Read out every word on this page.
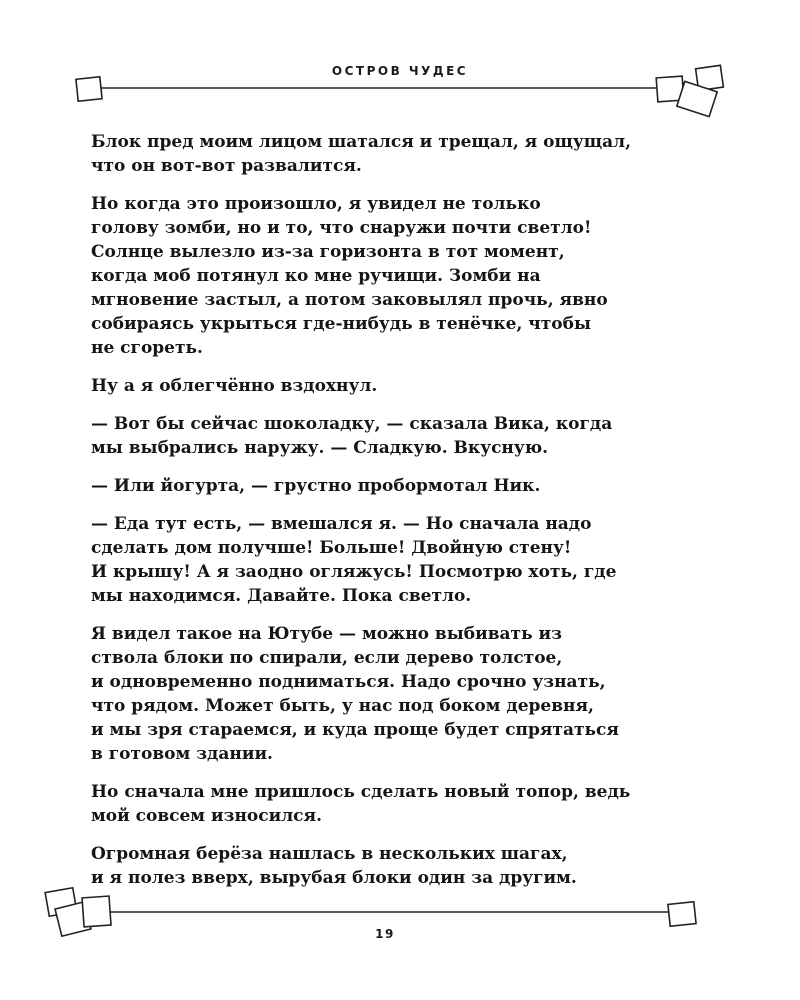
ОСТРОВ ЧУДЕС

Блок пред моим лицом шатался и трещал, я ощущал,
что он вот-вот развалится.

Но когда это произошло, я увидел не только
голову зомби, но и то, что снаружи почти светло!
Солнце вылезло из-за горизонта в тот момент,
когда моб потянул ко мне ручищи. Зомби на
мгновение застыл, а потом заковылял прочь, явно
собираясь укрыться где-нибудь в тенёчке, чтобы
не сгореть.

Ну а я облегчённо вздохнул.

— Вот бы сейчас шоколадку, — сказала Вика, когда
мы выбрались наружу. — Сладкую. Вкусную.

— Или йогурта, — грустно пробормотал Ник.

— Еда тут есть, — вмешался я. — Но сначала надо
сделать дом получше! Больше! Двойную стену!
И крышу! А я заодно огляжусь! Посмотрю хоть, где
мы находимся. Давайте. Пока светло.

Я видел такое на Ютубе — можно выбивать из
ствола блоки по спирали, если дерево толстое,
и одновременно подниматься. Надо срочно узнать,
что рядом. Может быть, у нас под боком деревня,
и мы зря стараемся, и куда проще будет спрятаться
в готовом здании.

Но сначала мне пришлось сделать новый топор, ведь
мой совсем износился.

Огромная берёза нашлась в нескольких шагах,
и я полез вверх, вырубая блоки один за другим.

19
